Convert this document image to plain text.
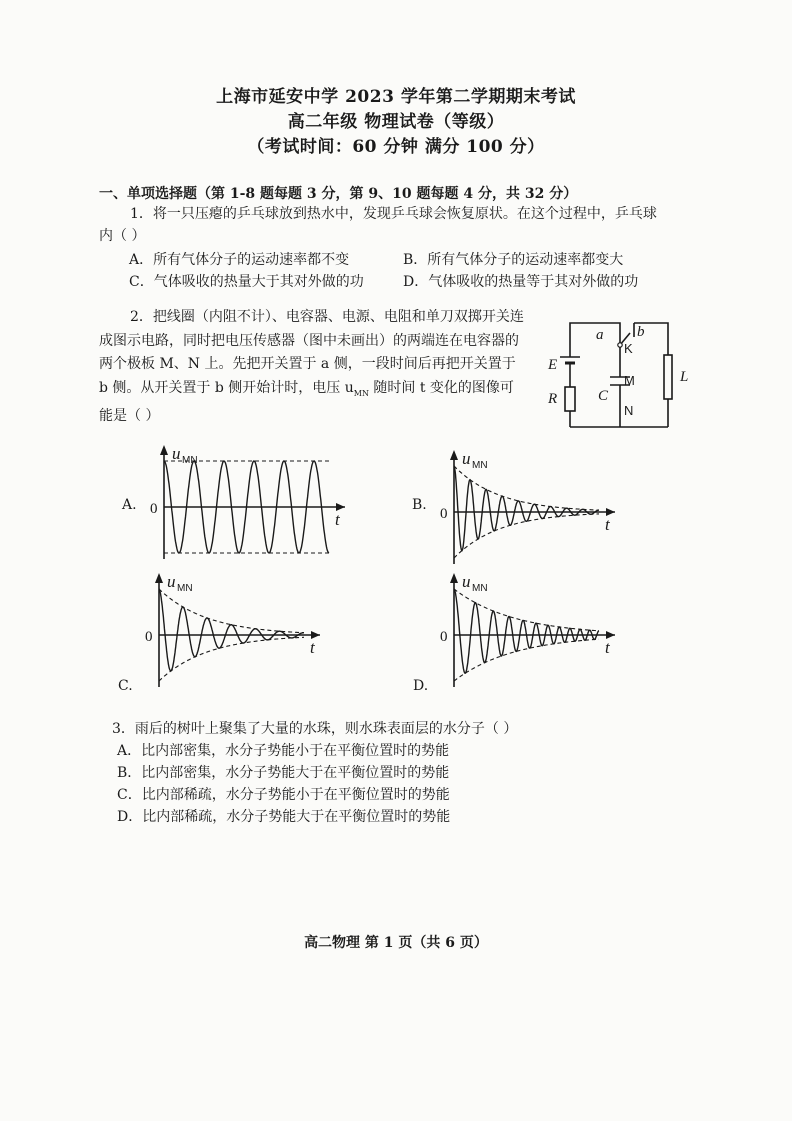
上海市延安中学 2023 学年第二学期期末考试
高二年级 物理试卷（等级）
（考试时间：60 分钟 满分 100 分）
一、单项选择题（第 1-8 题每题 3 分，第 9、10 题每题 4 分，共 32 分）
1．将一只压瘪的乒乓球放到热水中，发现乒乓球会恢复原状。在这个过程中，乒乓球
内（ ）
A．所有气体分子的运动速率都不变	B．所有气体分子的运动速率都变大
C．气体吸收的热量大于其对外做的功	D．气体吸收的热量等于其对外做的功
2．把线圈（内阻不计）、电容器、电源、电阻和单刀双掷开关连成图示电路，同时把电压传感器（图中未画出）的两端连在电容器的两个极板 M、N 上。先把开关置于 a 侧，一段时间后再把开关置于 b 侧。从开关置于 b 侧开始计时，电压 $u_{MN}$ 随时间 t 变化的图像可能是（ ）
a b
E
R	C
L
K
M
N
u MN
t
0
u MN
t
0
u MN
t
0
u MN
t
0
A.	B.
C.	D.
3．雨后的树叶上聚集了大量的水珠，则水珠表面层的水分子（ ）
A．比内部密集，水分子势能小于在平衡位置时的势能
B．比内部密集，水分子势能大于在平衡位置时的势能
C．比内部稀疏，水分子势能小于在平衡位置时的势能
D．比内部稀疏，水分子势能大于在平衡位置时的势能
高二物理 第 1 页（共 6 页）
